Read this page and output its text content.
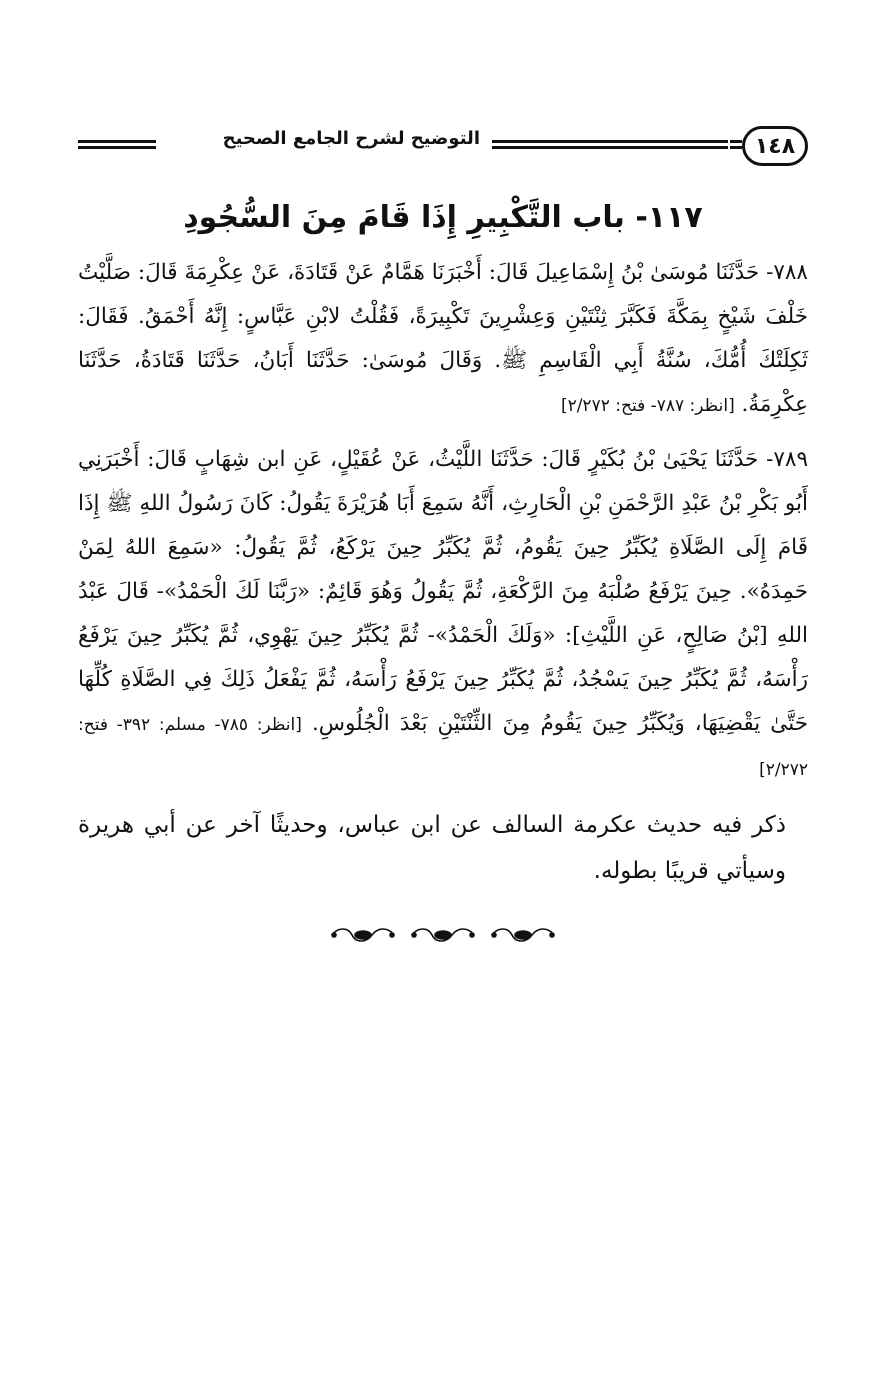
١٤٨
التوضيح لشرح الجامع الصحيح
١١٧- باب التَّكْبِيرِ إِذَا قَامَ مِنَ السُّجُودِ

٧٨٨- حَدَّثَنَا مُوسَىٰ بْنُ إِسْمَاعِيلَ قَالَ: أَخْبَرَنَا هَمَّامٌ عَنْ قَتَادَةَ، عَنْ عِكْرِمَةَ قَالَ: صَلَّيْتُ خَلْفَ شَيْخٍ بِمَكَّةَ فَكَبَّرَ ثِنْتَيْنِ وَعِشْرِينَ تَكْبِيرَةً، فَقُلْتُ لابْنِ عَبَّاسٍ: إِنَّهُ أَحْمَقُ. فَقَالَ: ثَكِلَتْكَ أُمُّكَ، سُنَّةُ أَبِي الْقَاسِمِ ﷺ. وَقَالَ مُوسَىٰ: حَدَّثَنَا أَبَانُ، حَدَّثَنَا قَتَادَةُ، حَدَّثَنَا عِكْرِمَةُ. [انظر: ٧٨٧- فتح: ٢/٢٧٢]

٧٨٩- حَدَّثَنَا يَحْيَىٰ بْنُ بُكَيْرٍ قَالَ: حَدَّثَنَا اللَّيْثُ، عَنْ عُقَيْلٍ، عَنِ ابن شِهَابٍ قَالَ: أَخْبَرَنِي أَبُو بَكْرِ بْنُ عَبْدِ الرَّحْمَنِ بْنِ الْحَارِثِ، أَنَّهُ سَمِعَ أَبَا هُرَيْرَةَ يَقُولُ: كَانَ رَسُولُ اللهِ ﷺ إِذَا قَامَ إِلَى الصَّلَاةِ يُكَبِّرُ حِينَ يَقُومُ، ثُمَّ يُكَبِّرُ حِينَ يَرْكَعُ، ثُمَّ يَقُولُ: «سَمِعَ اللهُ لِمَنْ حَمِدَهُ». حِينَ يَرْفَعُ صُلْبَهُ مِنَ الرَّكْعَةِ، ثُمَّ يَقُولُ وَهُوَ قَائِمٌ: «رَبَّنَا لَكَ الْحَمْدُ»- قَالَ عَبْدُ اللهِ [بْنُ صَالِحٍ، عَنِ اللَّيْثِ]: «وَلَكَ الْحَمْدُ»- ثُمَّ يُكَبِّرُ حِينَ يَهْوِي، ثُمَّ يُكَبِّرُ حِينَ يَرْفَعُ رَأْسَهُ، ثُمَّ يُكَبِّرُ حِينَ يَسْجُدُ، ثُمَّ يُكَبِّرُ حِينَ يَرْفَعُ رَأْسَهُ، ثُمَّ يَفْعَلُ ذَلِكَ فِي الصَّلَاةِ كُلِّهَا حَتَّىٰ يَقْضِيَهَا، وَيُكَبِّرُ حِينَ يَقُومُ مِنَ الثِّنْتَيْنِ بَعْدَ الْجُلُوسِ. [انظر: ٧٨٥- مسلم: ٣٩٢- فتح: ٢/٢٧٢]

ذكر فيه حديث عكرمة السالف عن ابن عباس، وحديثًا آخر عن أبي هريرة وسيأتي قريبًا بطوله.
